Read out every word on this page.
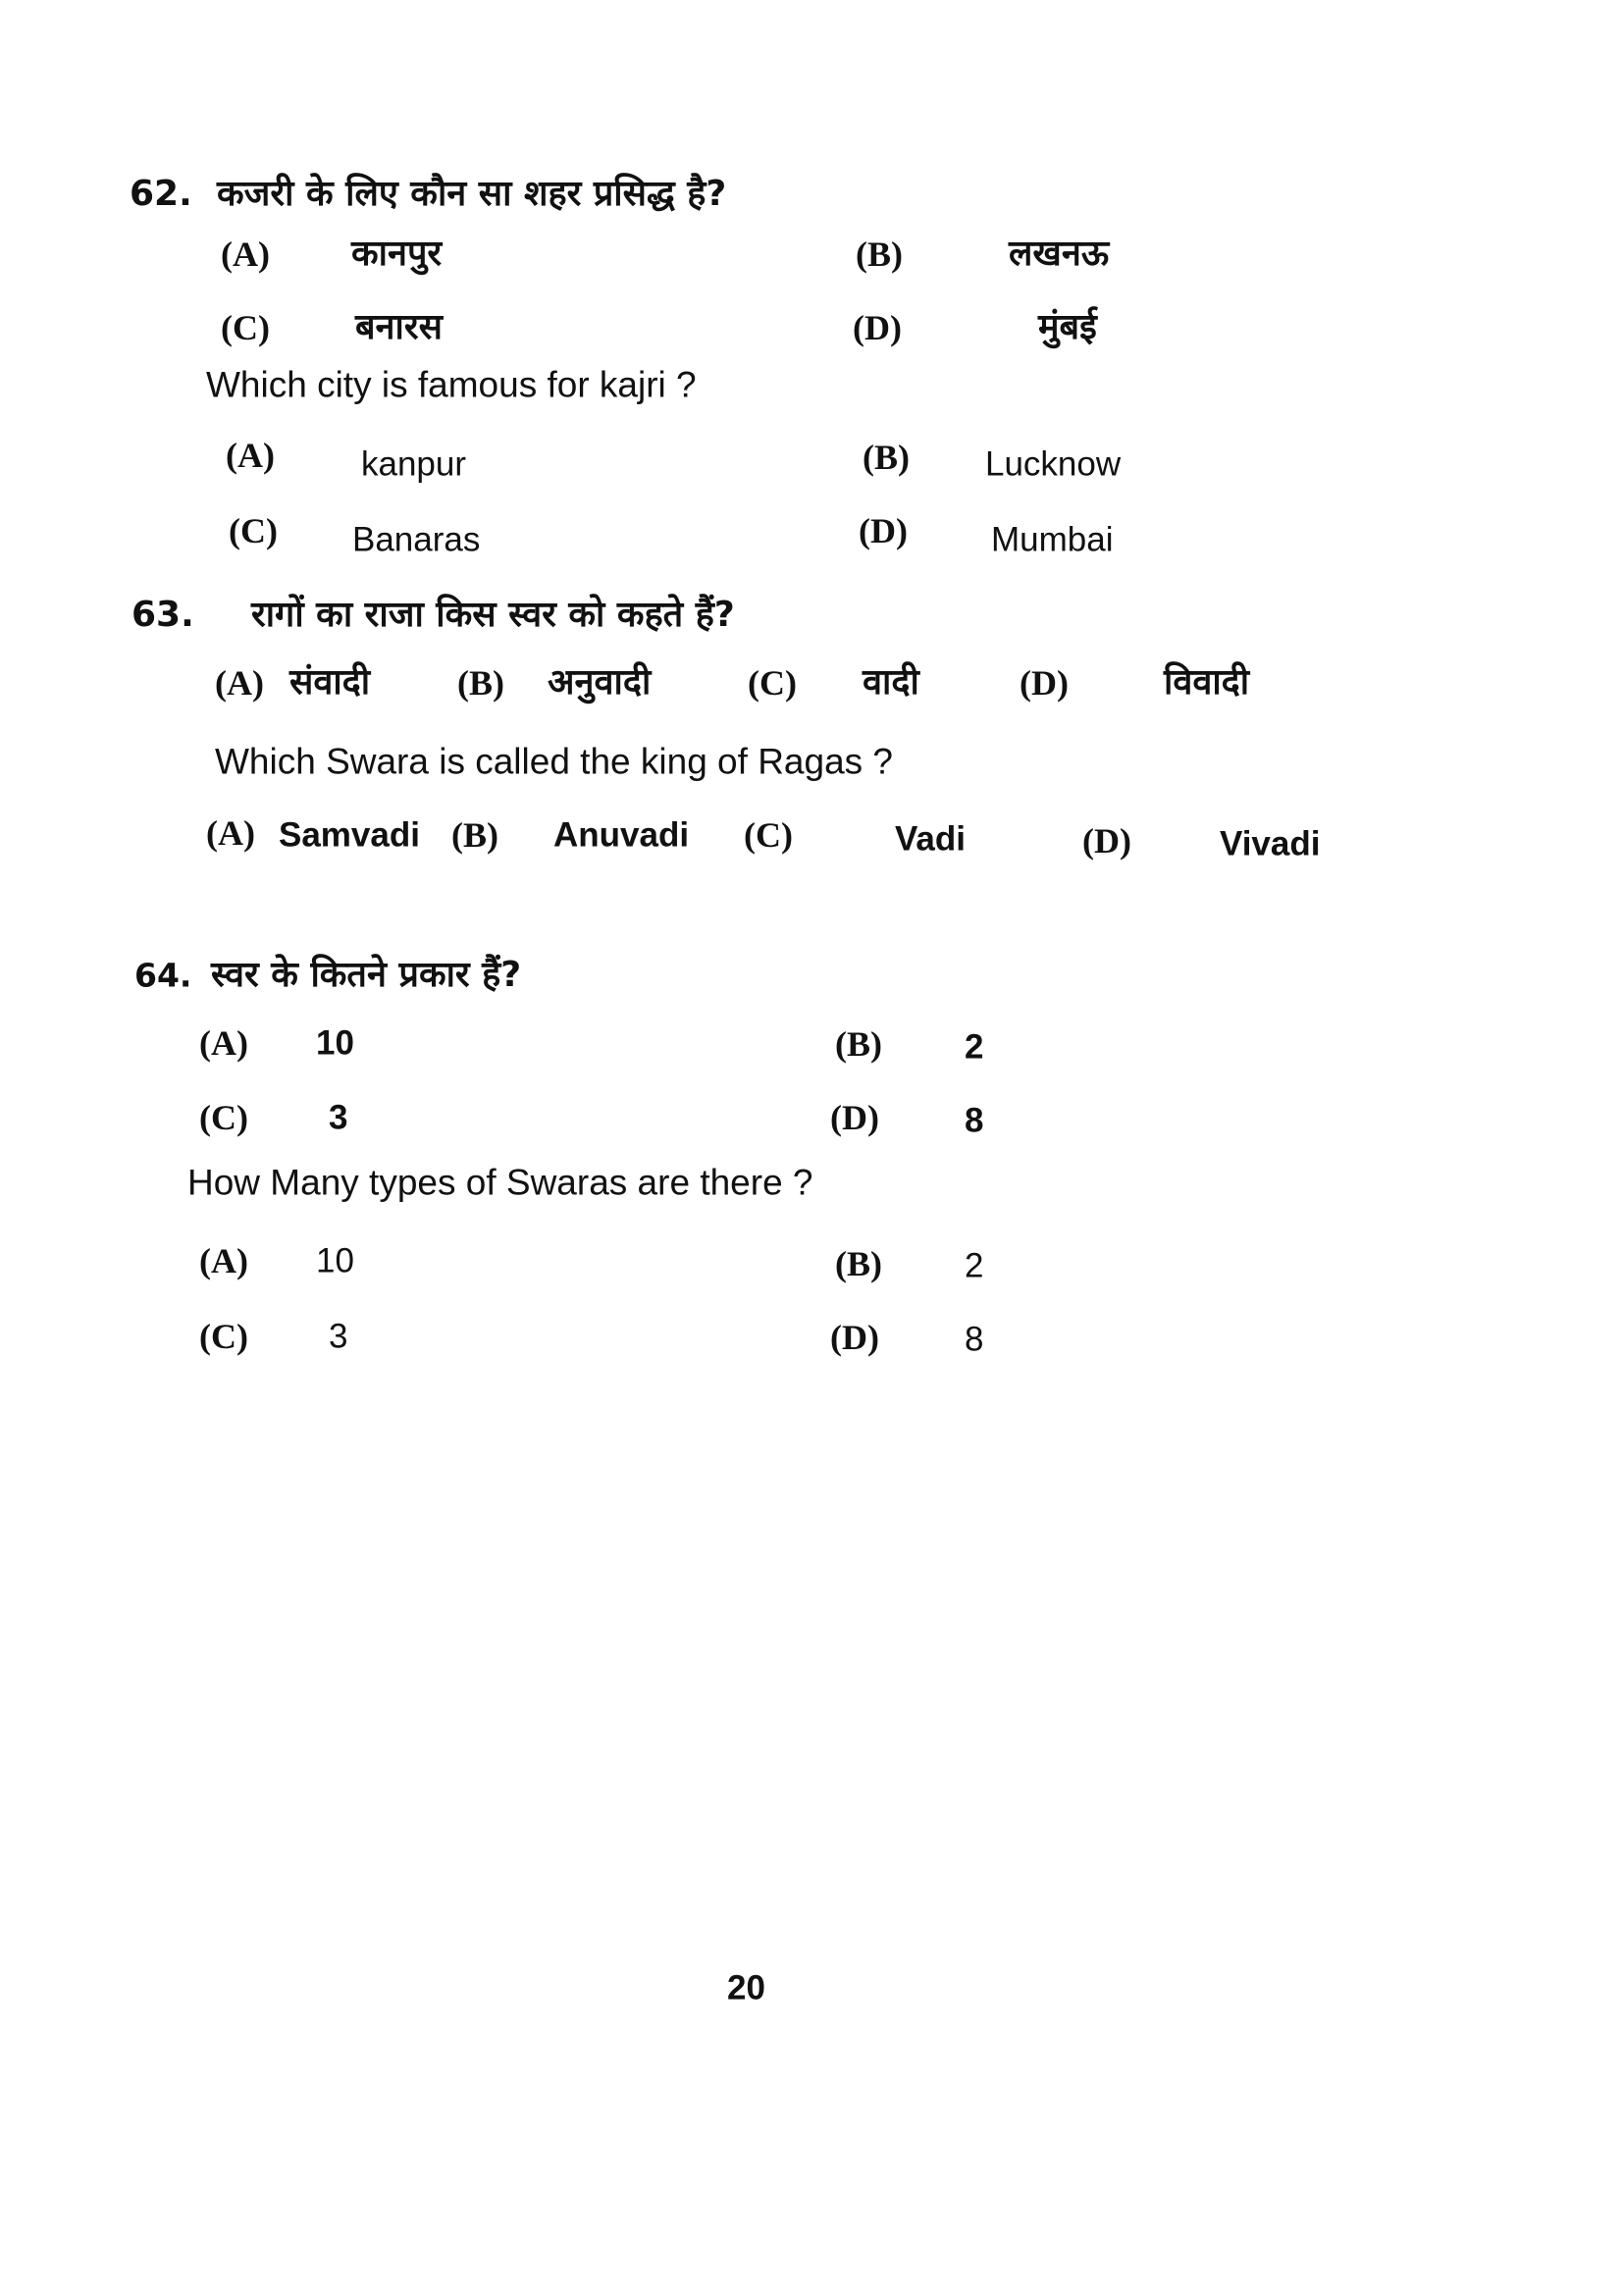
62. कजरी के लिए कौन सा शहर प्रसिद्ध है?
(A) कानपुर	(B)	लखनऊ
(C) बनारस	(D)	मुंबई
Which city is famous for kajri ?
(A)	kanpur	(B) Lucknow
(C) Banaras	(D) Mumbai
63. रागों का राजा किस स्वर को कहते हैं?
(A) संवादी (B) अनुवादी	(C) वादी	(D)	विवादी
Which Swara is called the king of Ragas ?
(A) Samvadi (B) Anuvadi (C)	Vadi	(D)	Vivadi
64. स्वर के कितने प्रकार हैं?
(A) 10	(B) 2
(C) 3	(D) 8
How Many types of Swaras are there ?
(A) 10	(B) 2
(C) 3	(D) 8
20
